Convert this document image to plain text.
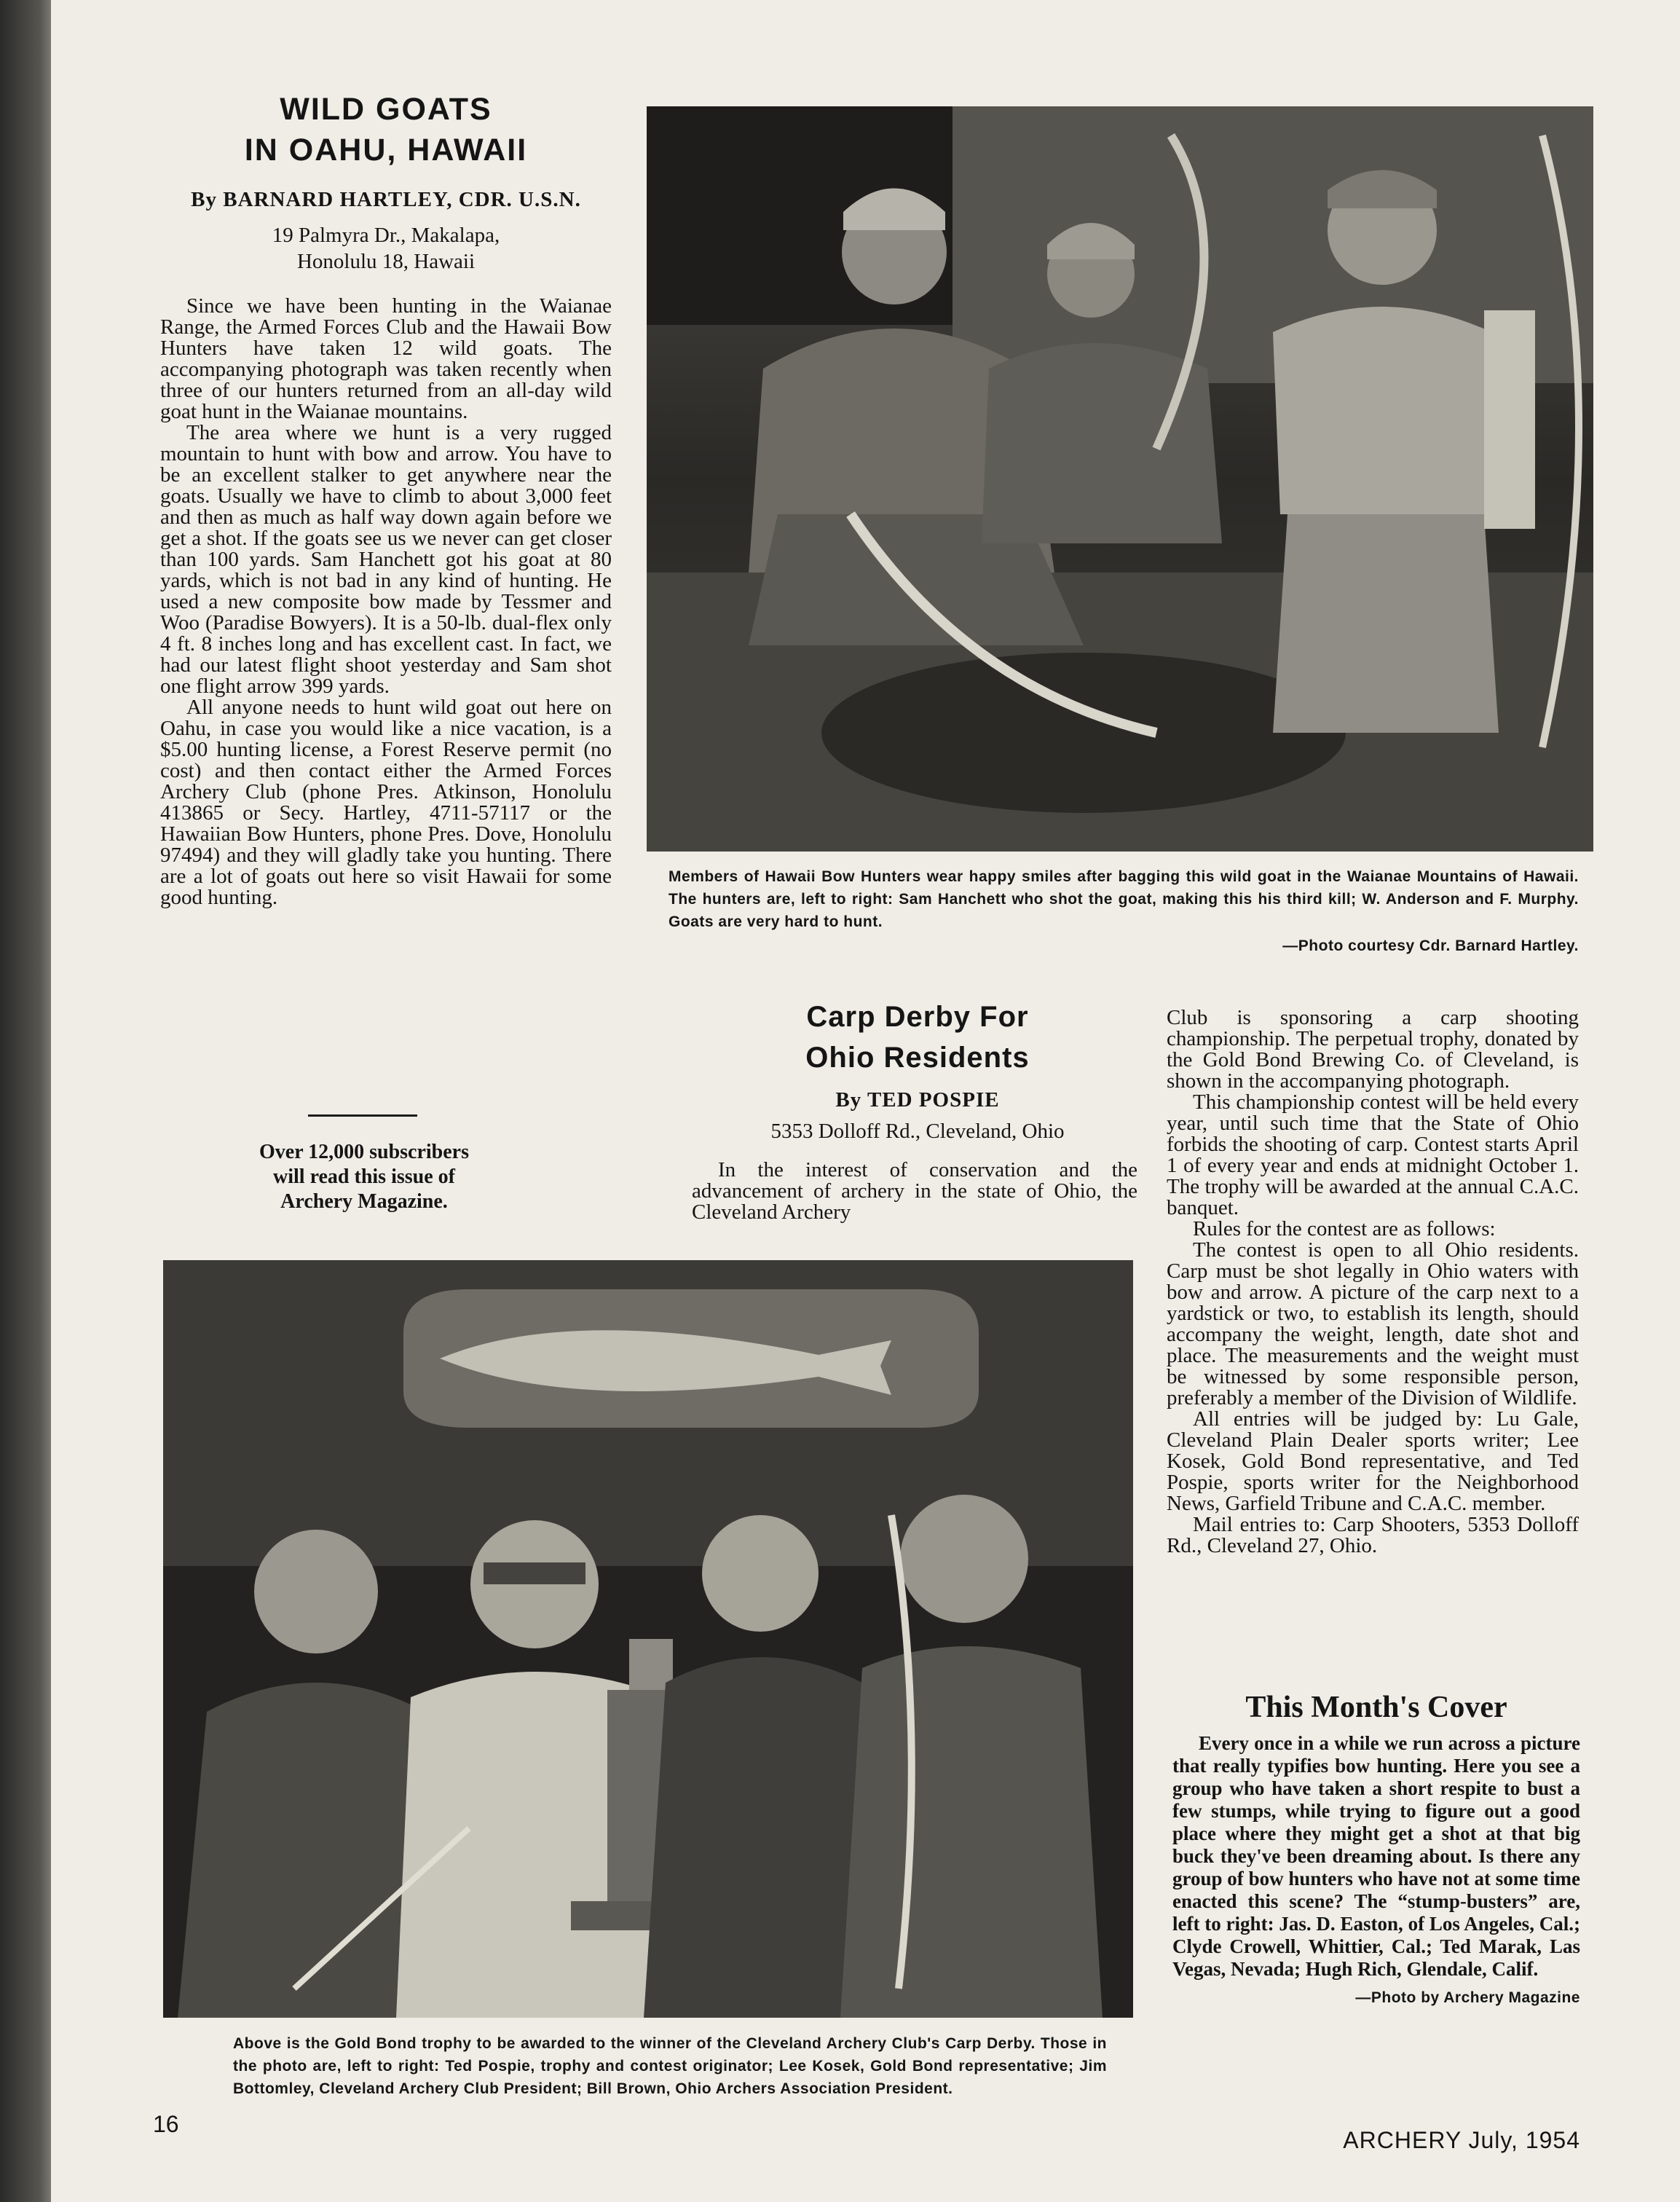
WILD GOATS
IN OAHU, HAWAII
By BARNARD HARTLEY, CDR. U.S.N.
19 Palmyra Dr., Makalapa,
Honolulu 18, Hawaii

Since we have been hunting in the Waianae Range, the Armed Forces Club and the Hawaii Bow Hunters have taken 12 wild goats. The accompanying photograph was taken recently when three of our hunters returned from an all-day wild goat hunt in the Waianae mountains.

The area where we hunt is a very rugged mountain to hunt with bow and arrow. You have to be an excellent stalker to get anywhere near the goats. Usually we have to climb to about 3,000 feet and then as much as half way down again before we get a shot. If the goats see us we never can get closer than 100 yards. Sam Hanchett got his goat at 80 yards, which is not bad in any kind of hunting. He used a new composite bow made by Tessmer and Woo (Paradise Bowyers). It is a 50-lb. dual-flex only 4 ft. 8 inches long and has excellent cast. In fact, we had our latest flight shoot yesterday and Sam shot one flight arrow 399 yards.

All anyone needs to hunt wild goat out here on Oahu, in case you would like a nice vacation, is a $5.00 hunting license, a Forest Reserve permit (no cost) and then contact either the Armed Forces Archery Club (phone Pres. Atkinson, Honolulu 413865 or Secy. Hartley, 4711-57117 or the Hawaiian Bow Hunters, phone Pres. Dove, Honolulu 97494) and they will gladly take you hunting. There are a lot of goats out here so visit Hawaii for some good hunting.

Over 12,000 subscribers
will read this issue of
Archery Magazine.
Members of Hawaii Bow Hunters wear happy smiles after bagging this wild goat in the Waianae Mountains of Hawaii. The hunters are, left to right: Sam Hanchett who shot the goat, making this his third kill; W. Anderson and F. Murphy. Goats are very hard to hunt.
—Photo courtesy Cdr. Barnard Hartley.
Carp Derby For
Ohio Residents
By TED POSPIE
5353 Dolloff Rd., Cleveland, Ohio

In the interest of conservation and the advancement of archery in the state of Ohio, the Cleveland Archery

Club is sponsoring a carp shooting championship. The perpetual trophy, donated by the Gold Bond Brewing Co. of Cleveland, is shown in the accompanying photograph.

This championship contest will be held every year, until such time that the State of Ohio forbids the shooting of carp. Contest starts April 1 of every year and ends at midnight October 1. The trophy will be awarded at the annual C.A.C. banquet.

Rules for the contest are as follows:

The contest is open to all Ohio residents. Carp must be shot legally in Ohio waters with bow and arrow. A picture of the carp next to a yardstick or two, to establish its length, should accompany the weight, length, date shot and place. The measurements and the weight must be witnessed by some responsible person, preferably a member of the Division of Wildlife.

All entries will be judged by: Lu Gale, Cleveland Plain Dealer sports writer; Lee Kosek, Gold Bond representative, and Ted Pospie, sports writer for the Neighborhood News, Garfield Tribune and C.A.C. member.

Mail entries to: Carp Shooters, 5353 Dolloff Rd., Cleveland 27, Ohio.

Above is the Gold Bond trophy to be awarded to the winner of the Cleveland Archery Club's Carp Derby. Those in the photo are, left to right: Ted Pospie, trophy and contest originator; Lee Kosek, Gold Bond representative; Jim Bottomley, Cleveland Archery Club President; Bill Brown, Ohio Archers Association President.
This Month's Cover

Every once in a while we run across a picture that really typifies bow hunting. Here you see a group who have taken a short respite to bust a few stumps, while trying to figure out a good place where they might get a shot at that big buck they've been dreaming about. Is there any group of bow hunters who have not at some time enacted this scene? The “stump-busters” are, left to right: Jas. D. Easton, of Los Angeles, Cal.; Clyde Crowell, Whittier, Cal.; Ted Marak, Las Vegas, Nevada; Hugh Rich, Glendale, Calif.

—Photo by Archery Magazine
16
ARCHERY July, 1954
